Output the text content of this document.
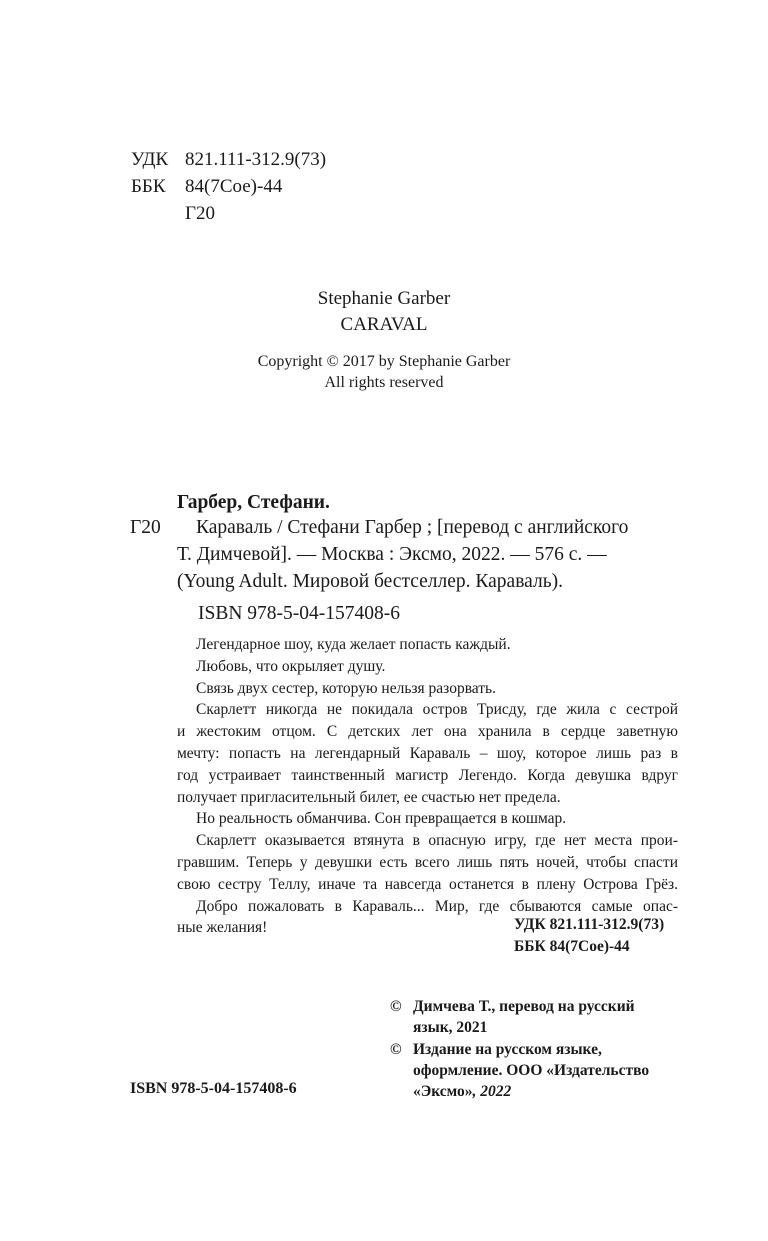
УДК 821.111-312.9(73)
ББК 84(7Сое)-44
Г20
Stephanie Garber
CARAVAL
Copyright © 2017 by Stephanie Garber
All rights reserved
Гарбер, Стефани.
Г20 Караваль / Стефани Гарбер ; [перевод с английского
Т. Димчевой]. — Москва : Эксмо, 2022. — 576 с. —
(Young Adult. Мировой бестселлер. Караваль).
ISBN 978-5-04-157408-6

Легендарное шоу, куда желает попасть каждый.

Любовь, что окрыляет душу.

Связь двух сестер, которую нельзя разорвать.

Скарлетт никогда не покидала остров Трисду, где жила с сестрой

и жестоким отцом. С детских лет она хранила в сердце заветную

мечту: попасть на легендарный Караваль – шоу, которое лишь раз в

год устраивает таинственный магистр Легендо. Когда девушка вдруг

получает пригласительный билет, ее счастью нет предела.

Но реальность обманчива. Сон превращается в кошмар.

Скарлетт оказывается втянута в опасную игру, где нет места прои-

гравшим. Теперь у девушки есть всего лишь пять ночей, чтобы спасти

свою сестру Теллу, иначе та навсегда останется в плену Острова Грёз.

Добро пожаловать в Караваль... Мир, где сбываются самые опас-

ные желания!	УДК 821.111-312.9(73)
ББК 84(7Сое)-44
© Димчева Т., перевод на русский
язык, 2021
© Издание на русском языке,
оформление. ООО «Издательство
«Эксмо», 2022
ISBN 978-5-04-157408-6
